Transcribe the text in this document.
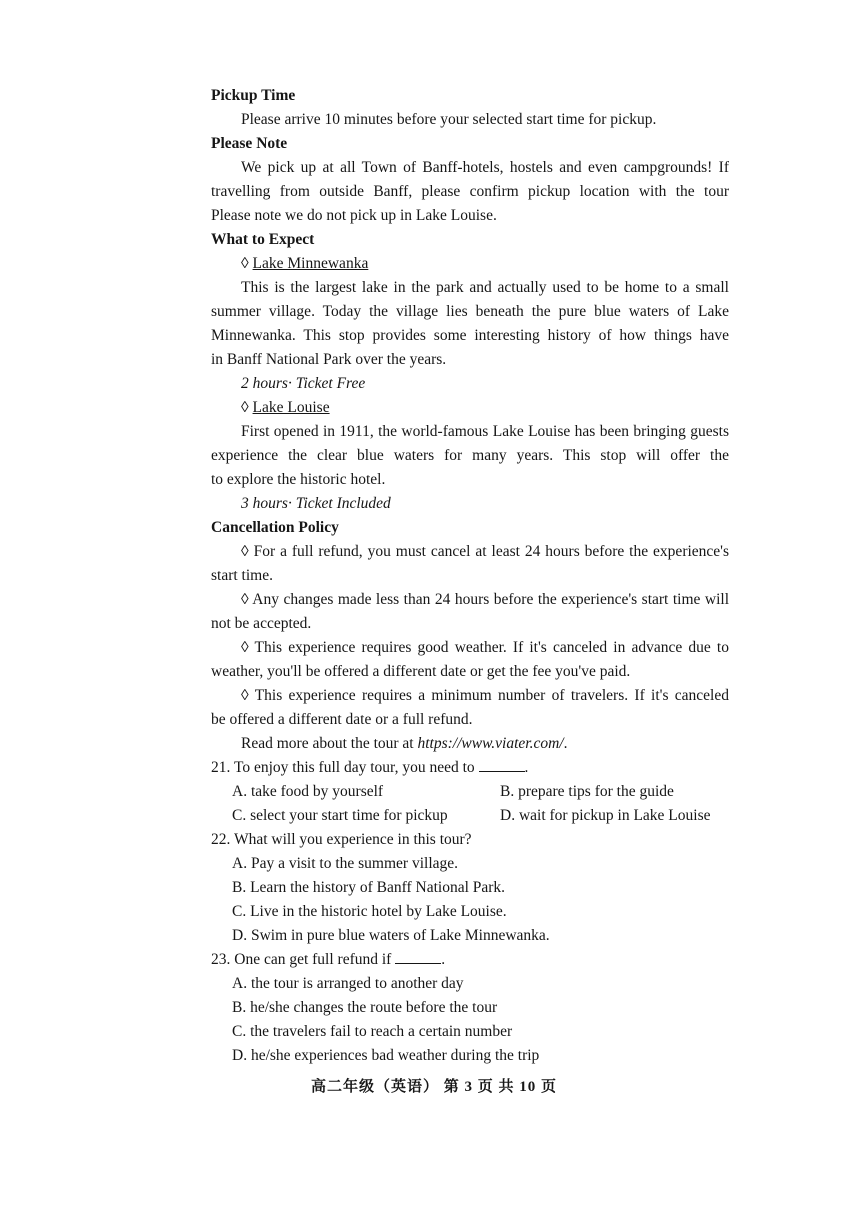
Pickup Time
Please arrive 10 minutes before your selected start time for pickup.
Please Note
We pick up at all Town of Banff-hotels, hostels and even campgrounds! If
travelling from outside Banff, please confirm pickup location with the tour
Please note we do not pick up in Lake Louise.
What to Expect
◊ Lake Minnewanka
This is the largest lake in the park and actually used to be home to a small
summer village. Today the village lies beneath the pure blue waters of Lake
Minnewanka. This stop provides some interesting history of how things have
in Banff National Park over the years.
2 hours· Ticket Free
◊ Lake Louise
First opened in 1911, the world-famous Lake Louise has been bringing guests
experience the clear blue waters for many years. This stop will offer the
to explore the historic hotel.
3 hours· Ticket Included
Cancellation Policy
◊ For a full refund, you must cancel at least 24 hours before the experience's
start time.
◊ Any changes made less than 24 hours before the experience's start time will
not be accepted.
◊ This experience requires good weather. If it's canceled in advance due to
weather, you'll be offered a different date or get the fee you've paid.
◊ This experience requires a minimum number of travelers. If it's canceled
be offered a different date or a full refund.
Read more about the tour at https://www.viater.com/.
21. To enjoy this full day tour, you need to	.
A. take food by yourself	B. prepare tips for the guide
C. select your start time for pickup	D. wait for pickup in Lake Louise
22. What will you experience in this tour?
A. Pay a visit to the summer village.
B. Learn the history of Banff National Park.
C. Live in the historic hotel by Lake Louise.
D. Swim in pure blue waters of Lake Minnewanka.
23. One can get full refund if	.
A. the tour is arranged to another day
B. he/she changes the route before the tour
C. the travelers fail to reach a certain number
D. he/she experiences bad weather during the trip
高二年级（英语） 第 3 页 共 10 页
